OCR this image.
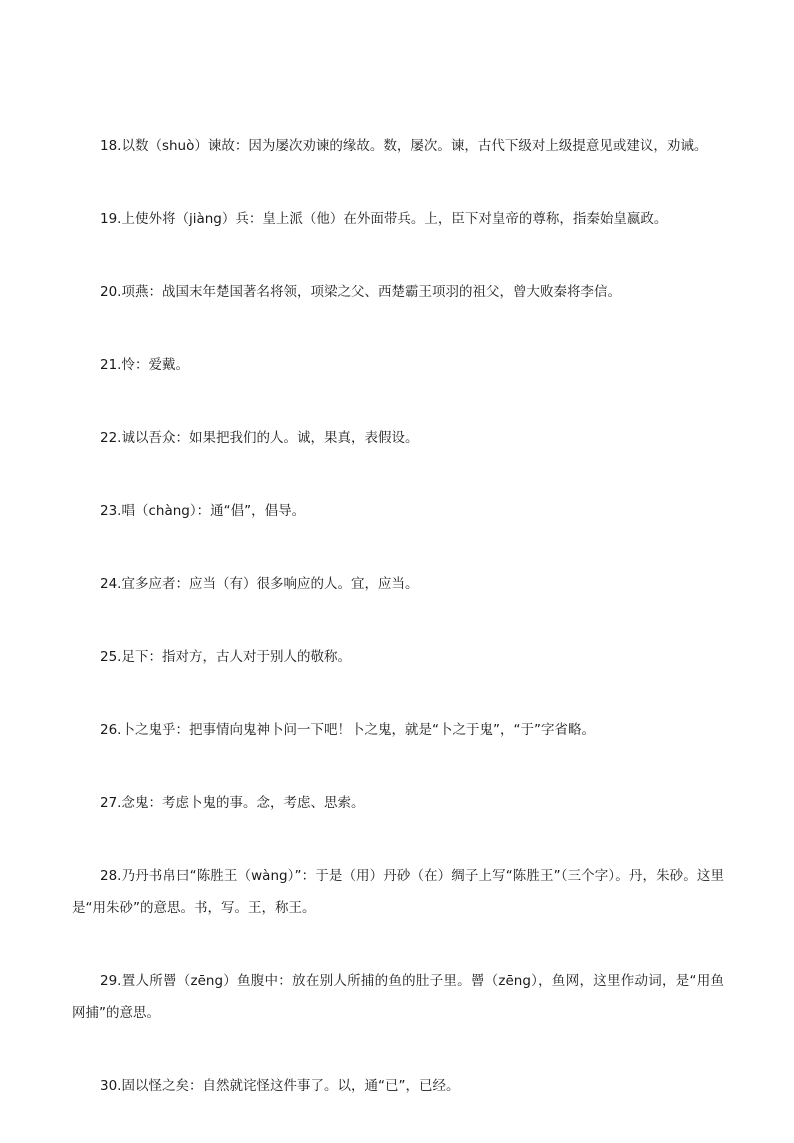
18.以数（shuò）谏故：因为屡次劝谏的缘故。数，屡次。谏，古代下级对上级提意见或建议，劝诫。

19.上使外将（jiàng）兵：皇上派（他）在外面带兵。上，臣下对皇帝的尊称，指秦始皇嬴政。

20.项燕：战国末年楚国著名将领，项梁之父、西楚霸王项羽的祖父，曾大败秦将李信。

21.怜：爱戴。

22.诚以吾众：如果把我们的人。诚，果真，表假设。

23.唱（chàng）：通“倡”，倡导。

24.宜多应者：应当（有）很多响应的人。宜，应当。

25.足下：指对方，古人对于别人的敬称。

26.卜之鬼乎：把事情向鬼神卜问一下吧！卜之鬼，就是“卜之于鬼”，“于”字省略。

27.念鬼：考虑卜鬼的事。念，考虑、思索。

28.乃丹书帛曰“陈胜王（wàng）”：于是（用）丹砂（在）绸子上写“陈胜王”（三个字）。丹，朱砂。这里是“用朱砂”的意思。书，写。王，称王。

29.置人所罾（zēng）鱼腹中：放在别人所捕的鱼的肚子里。罾（zēng），鱼网，这里作动词，是“用鱼网捕”的意思。

30.固以怪之矣：自然就诧怪这件事了。以，通“已”，已经。
